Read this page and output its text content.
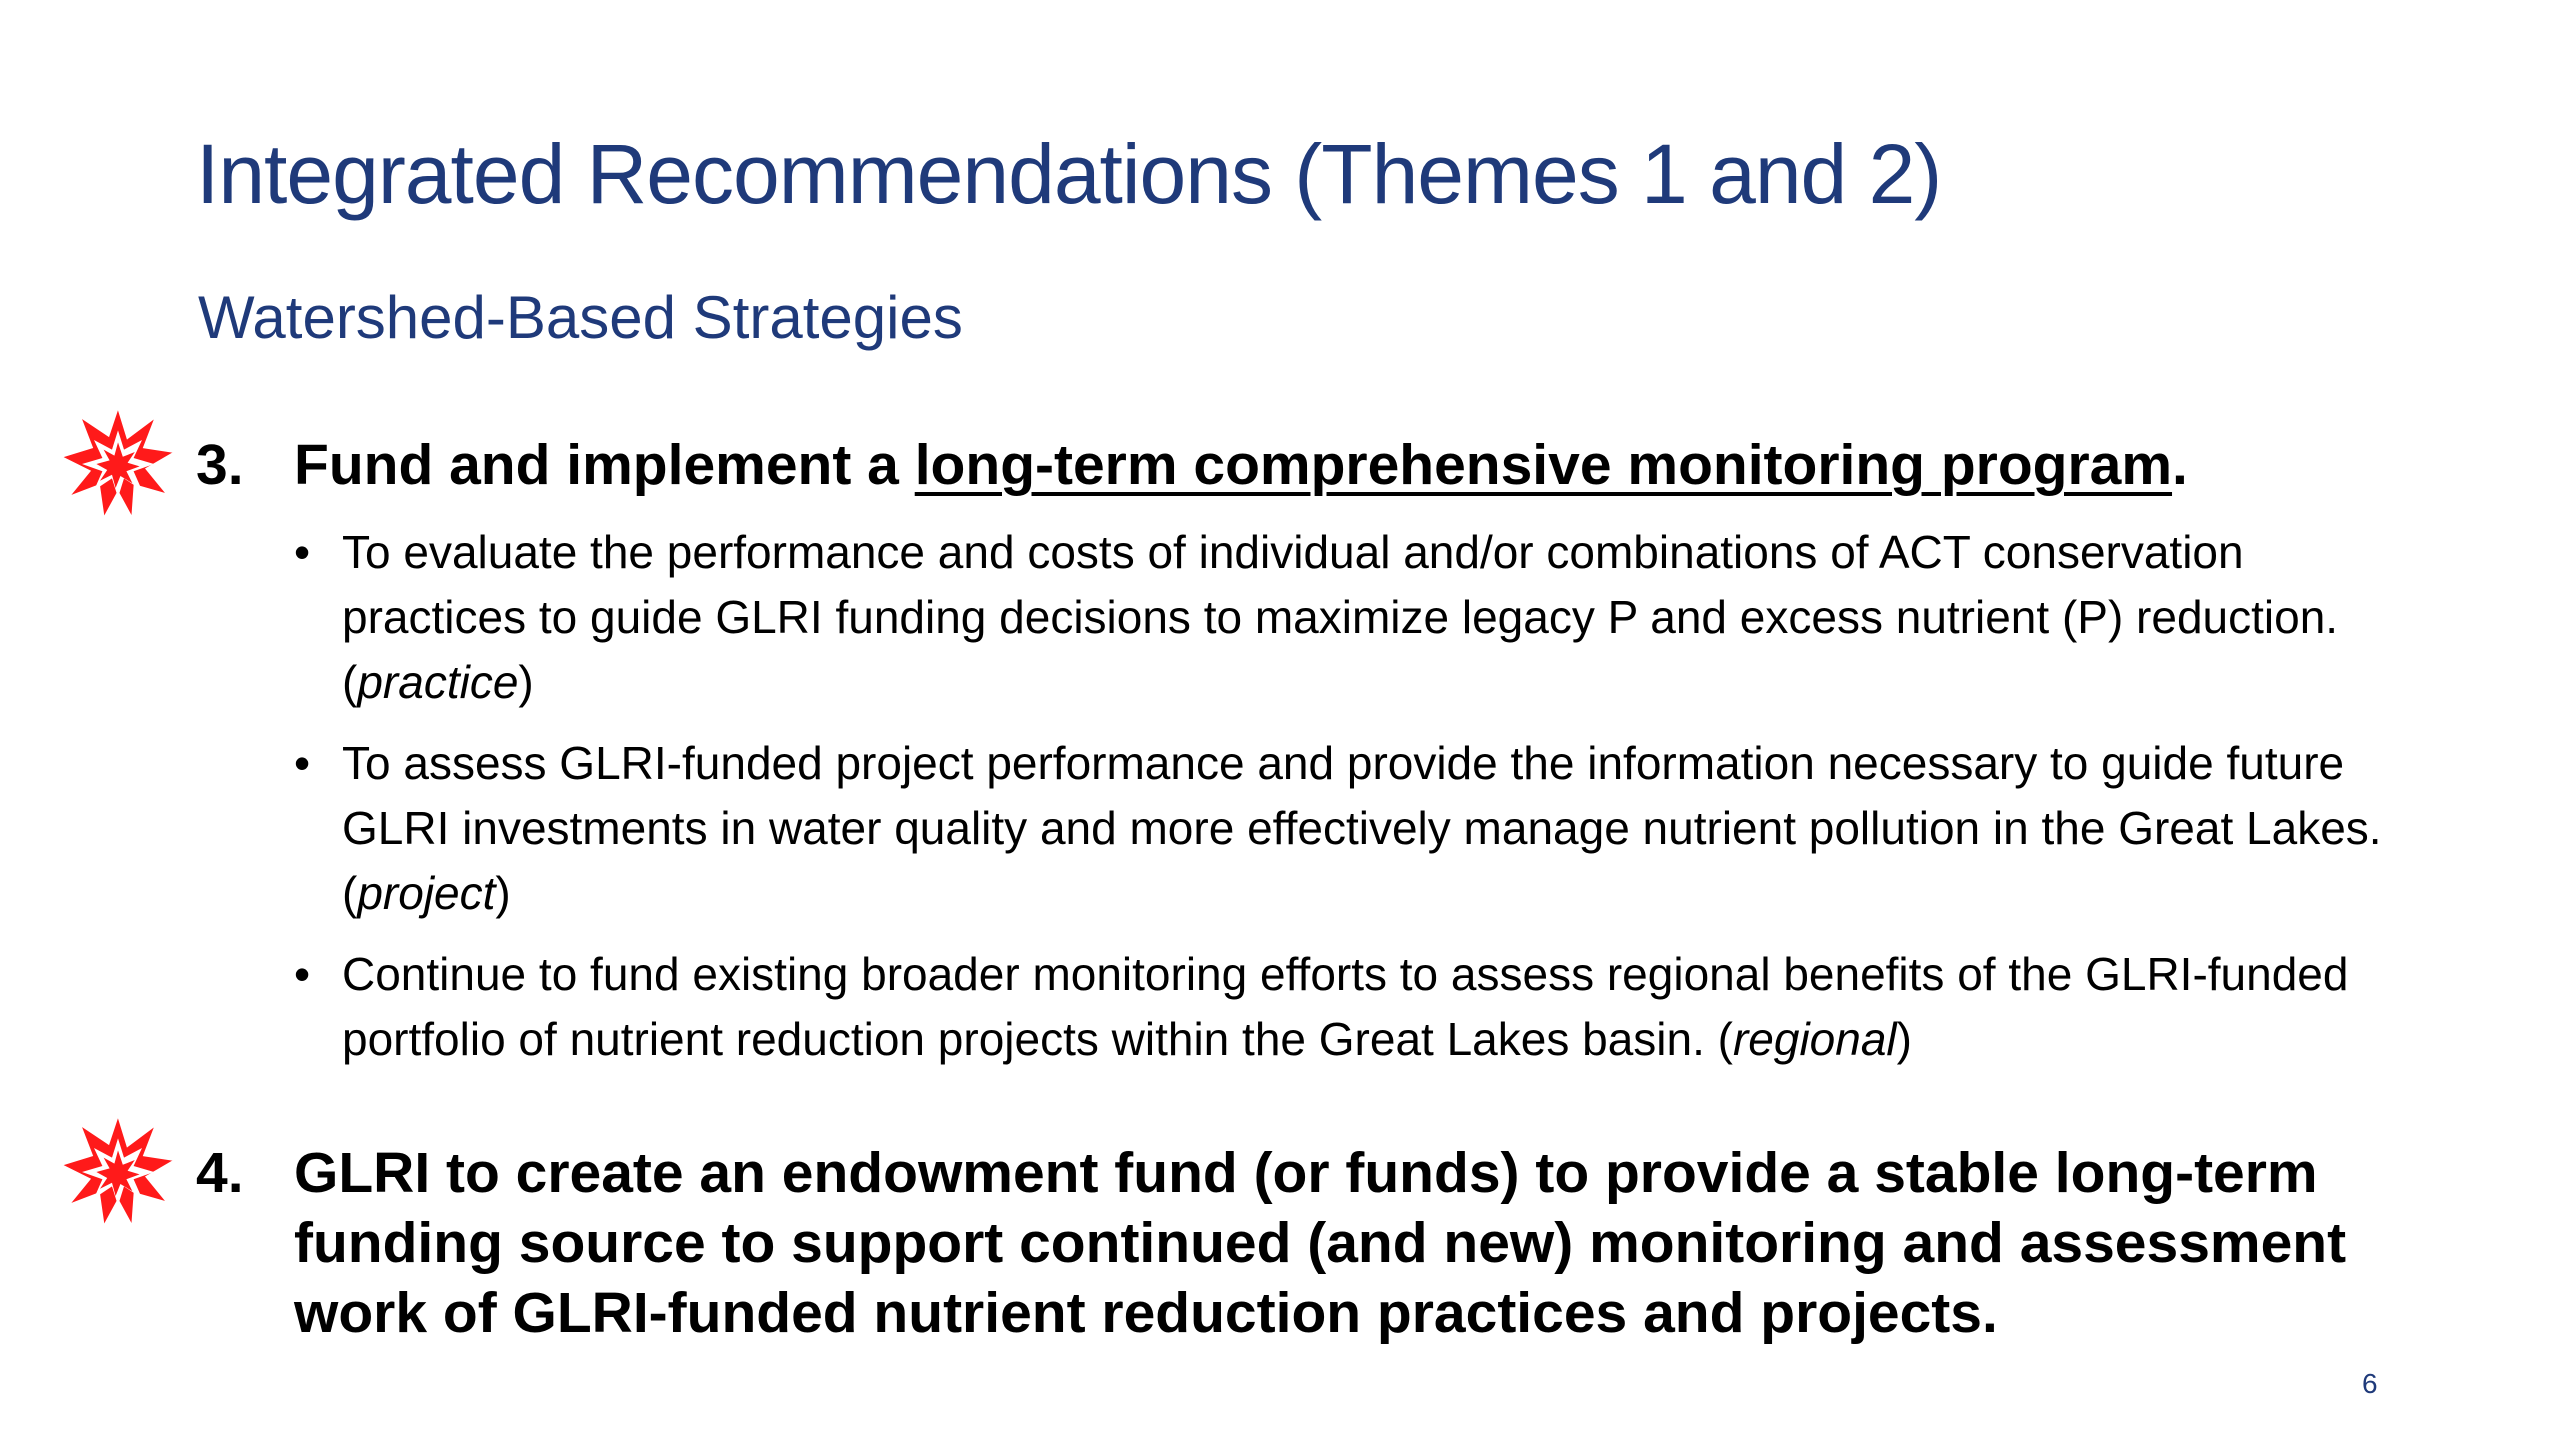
Integrated Recommendations (Themes 1 and 2)
Watershed-Based Strategies
3. Fund and implement a long-term comprehensive monitoring program.
• To evaluate the performance and costs of individual and/or combinations of ACT conservation practices to guide GLRI funding decisions to maximize legacy P and excess nutrient (P) reduction. (practice)
• To assess GLRI-funded project performance and provide the information necessary to guide future GLRI investments in water quality and more effectively manage nutrient pollution in the Great Lakes. (project)
• Continue to fund existing broader monitoring efforts to assess regional benefits of the GLRI-funded portfolio of nutrient reduction projects within the Great Lakes basin. (regional)
4. GLRI to create an endowment fund (or funds) to provide a stable long-term funding source to support continued (and new) monitoring and assessment work of GLRI-funded nutrient reduction practices and projects.
6
